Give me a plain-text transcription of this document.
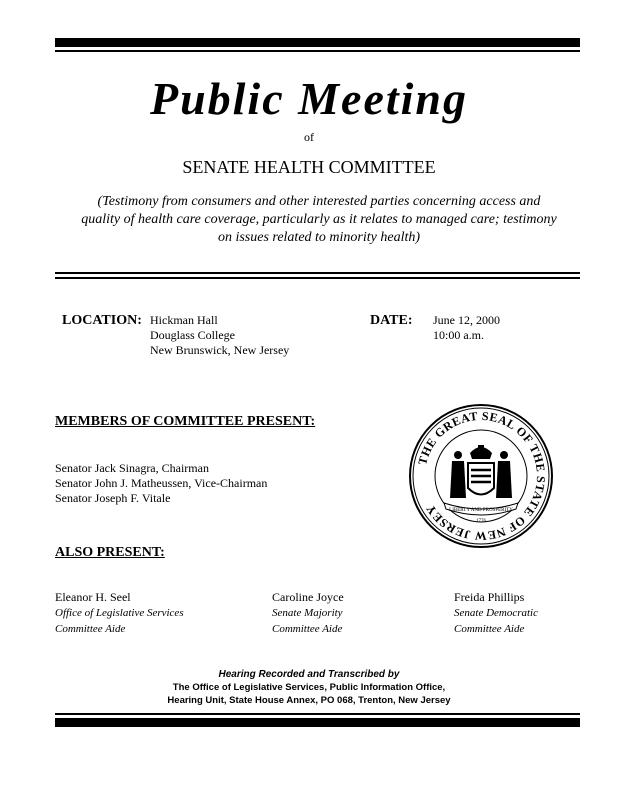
Public Meeting
of
SENATE HEALTH COMMITTEE
(Testimony from consumers and other interested parties concerning access and quality of health care coverage, particularly as it relates to managed care; testimony on issues related to minority health)
LOCATION: Hickman Hall
Douglass College
New Brunswick, New Jersey
DATE: June 12, 2000
10:00 a.m.
MEMBERS OF COMMITTEE PRESENT:
Senator Jack Sinagra, Chairman
Senator John J. Matheussen, Vice-Chairman
Senator Joseph F. Vitale
THE GREAT SEAL OF THE STATE OF NEW JERSEY	LIBERTY AND PROSPERITY
1776
ALSO PRESENT:
Eleanor H. Seel
Office of Legislative Services
Committee Aide
Caroline Joyce
Senate Majority
Committee Aide
Freida Phillips
Senate Democratic
Committee Aide
Hearing Recorded and Transcribed by
The Office of Legislative Services, Public Information Office,
Hearing Unit, State House Annex, PO 068, Trenton, New Jersey
